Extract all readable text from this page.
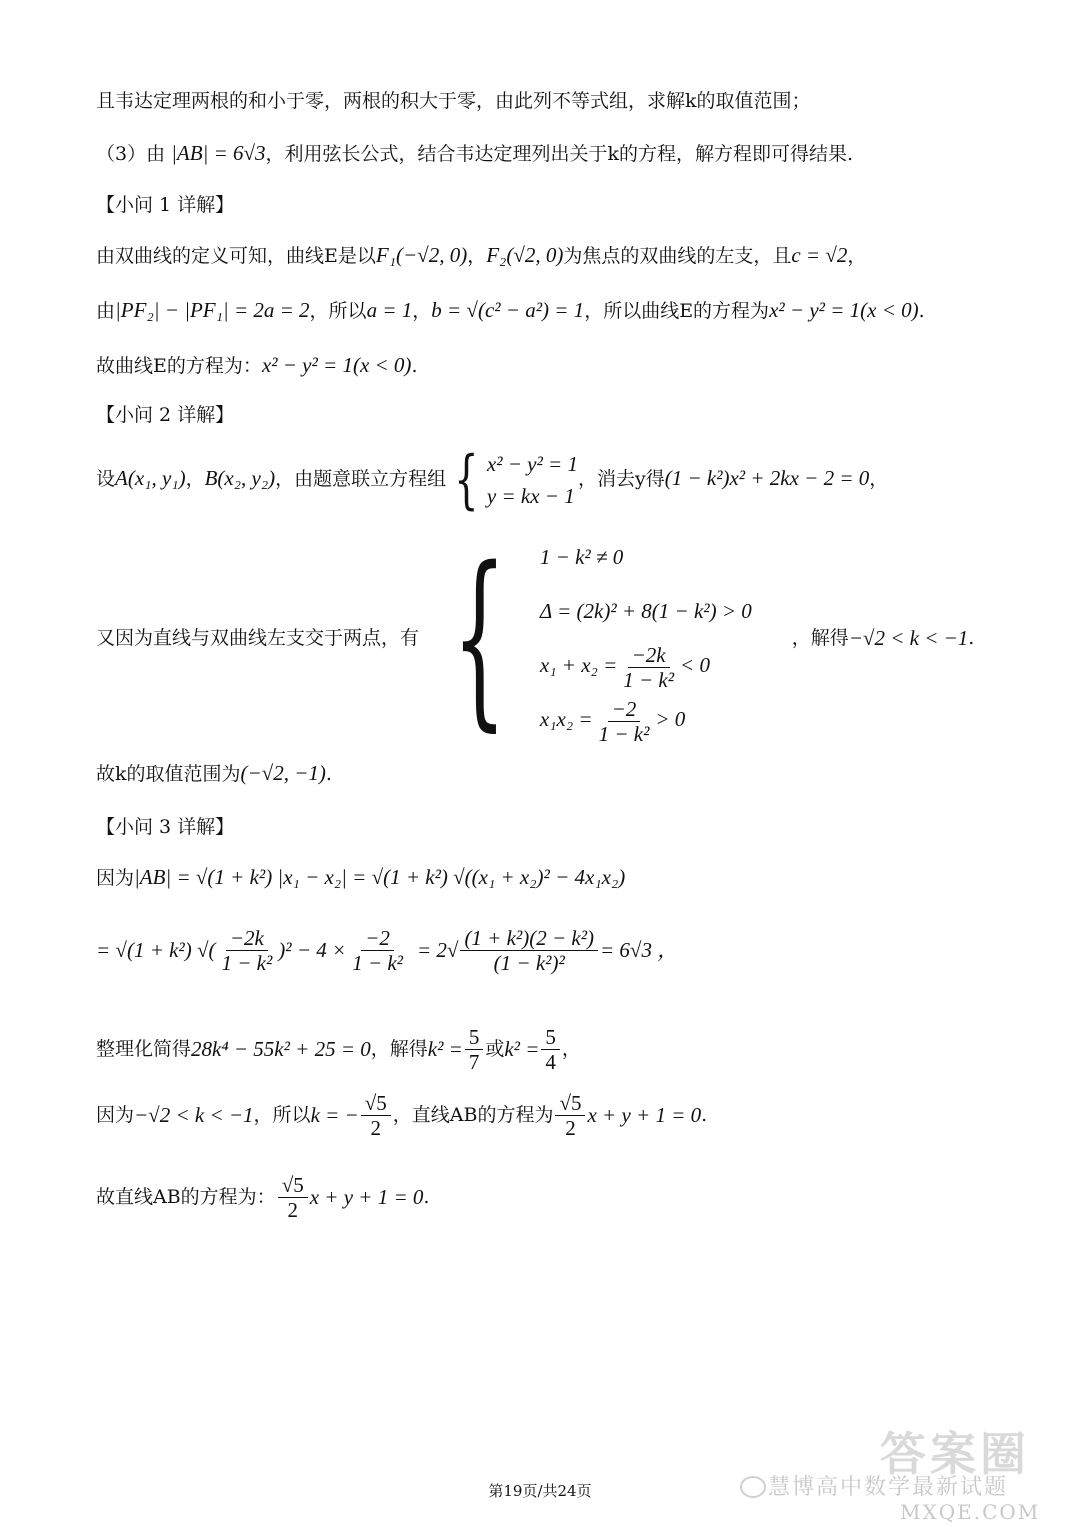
且韦达定理两根的和小于零，两根的积大于零，由此列不等式组，求解k的取值范围；
（3）由 |AB| = 6√3，利用弦长公式，结合韦达定理列出关于k的方程，解方程即可得结果.
【小问 1 详解】
由双曲线的定义可知，曲线E是以F₁(−√2, 0)，F₂(√2, 0)为焦点的双曲线的左支，且c = √2，
由|PF₂| − |PF₁| = 2a = 2，所以a = 1，b = √(c² − a²) = 1，所以曲线E的方程为x² − y² = 1(x < 0).
故曲线E的方程为：x² − y² = 1(x < 0).
【小问 2 详解】
设A(x₁, y₁)，B(x₂, y₂)，由题意联立方程组 { x² − y² = 1
y = kx − 1
，消去y得(1 − k²)x² + 2kx − 2 = 0，
又因为直线与双曲线左支交于两点，有 { 1 − k² ≠ 0
Δ = (2k)² + 8(1 − k²) > 0
$x_1 + x_2 = \frac{-2k}{\text{1 − k²}} < 0$
$x_1x_2 = \frac{-2}{\text{1 − k²}} > 0$
，解得 −√2 < k < −1 .
故k的取值范围为(−√2, −1).
【小问 3 详解】
因为|AB| = √(1 + k²) |x₁ − x₂| = √(1 + k²) √((x₁ + x₂)² − 4x₁x₂)
= √(1 + k²) √( $\frac{-2k}{\text{1 − k²}} )^2 - 4 \times \frac{-2}{\text{1 − k²}} = 2√ \frac{\text{(1 + k²)(2 − k²)}}{\text{(1 − k²)²}} = 6√3$ ，
整理化简得 28k⁴ − 55k² + 25 = 0 ，解得 $k^2 = \frac{5}{7}$ 或 $k^2 = \frac{5}{4}$ ，
因为 −√2 < k < −1 ，所以 k = − $\frac{√5}{2}$ ，直线AB的方程为 $\frac{√5}{2}$ x + y + 1 = 0 .
故直线AB的方程为： $\frac{√5}{2}$ x + y + 1 = 0 .
答案圈
慧博高中数学最新试题
MXQE.COM
第19页/共24页
